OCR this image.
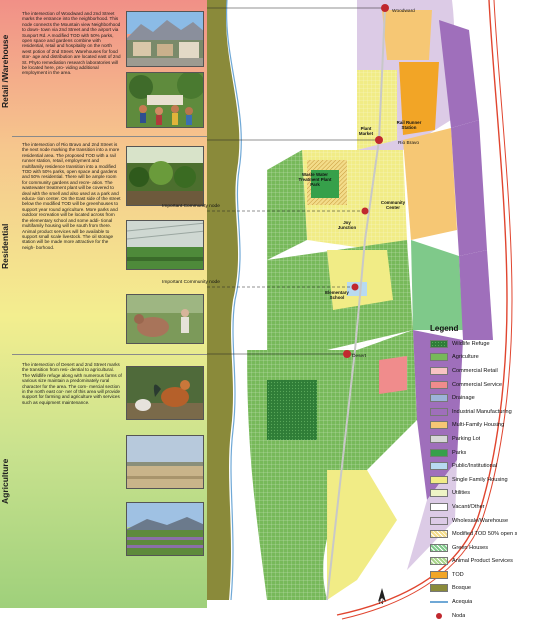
Retail /Warehouse
Residential
Agriculture
The intersection of Woodward and 2nd Street marks the entrance into the neighborhood. This node connects the Mountain view Neighborhood to down- town via 2nd Street and the airport via Sunport Rd. A modified TOD with 50% parks, open space and gardens combine with residential, retail and hospitality on the north west potion of 2nd Street. Warehouses for food stor- age and distribution are located east of 2nd St. Phyto remediation research laboratories will be located here, pro- viding additional employment in the area.
The intersection of Rio Bravo and 2nd Street is the next node marking the transition into a more residential area. The proposed TOD with a rail runner station, retail, employment and multifamily residence transition into a modified TOD with 50% parks, open space and gardens and 50% residential. There will be ample room for community gardens and recre- ation. The wastewater treatment plant will be covered to deal with the smell and also used as a park and educa- tion center. On the East side of the street below the modified TOD will be greenhouses to support year round agriculture. More parks and outdoor recreation will be located across from the elementary school and some addi- tional multifamily housing will be south from there. Animal product services will be available to support small scale livestock. The oil storage station will be made more attractive for the neigh- borhood.
The intersection of Desert and 2nd Street marks the transition from resi- dential to agricultural. The Wildlife refuge along with numerous farms of various size maintain a predominately rural character for the area. The com- mercial section in the north east cor- ner of this area will provide support for farming and agriculture with services such as equipment maintenance.
Woodward
Rail Runner Station
Plant Market
Rio Bravo
Waste Water Treatment Plant Park
Community Center
Joy Junction
Important Community node
Important Community node
Elementary School
Desert
N
Legend
Wildlife Refuge
Agriculture
Commercial Retail
Commercial Service
Drainage
Industrial Manufacturing
Multi-Family Housing
Parking Lot
Parks
Public/Institutional
Single Family Housing
Utilities
Vacant/Other
Wholesale/Warehouse
Modified TOD 50% open s
Green Houses
Animal Product Services
TOD
Bosque
Acequia
Noda
